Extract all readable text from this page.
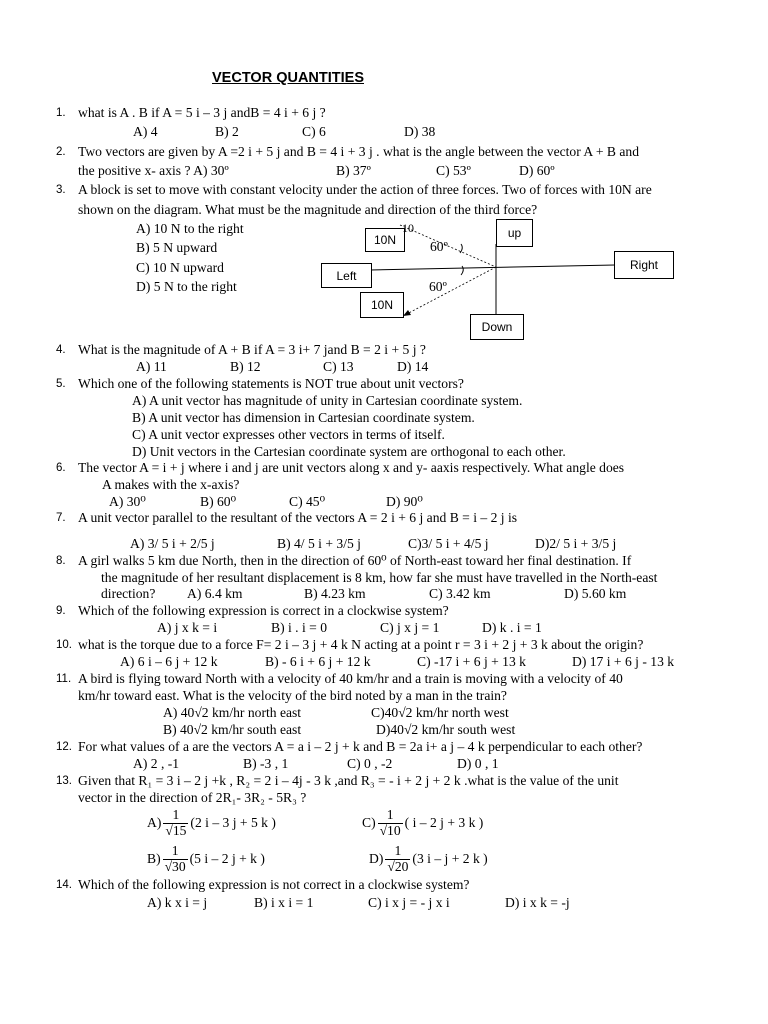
VECTOR QUANTITIES
1. what is A . B if A = 5 i – 3 j andB = 4 i + 6 j ?
A) 4	B) 2	C) 6	D) 38
2. Two vectors are given by A =2 i + 5 j and B = 4 i + 3 j . what is the angle between the vector A + B and
the positive x- axis ? A) 30º	B) 37º	C) 53º	D) 60º
3. A block is set to move with constant velocity under the action of three forces. Two of forces with 10N are
shown on the diagram. What must be the magnitude and direction of the third force?
A) 10 N to the right
B) 5 N upward
C) 10 N upward
D) 5 N to the right
10N
10
60º
up
Right
Left
60º
10N
Down
4. What is the magnitude of A + B if A = 3 i+ 7 jand B = 2 i + 5 j ?
A) 11	B) 12	C) 13	D) 14
5. Which one of the following statements is NOT true about unit vectors?
A) A unit vector has magnitude of unity in Cartesian coordinate system.
B) A unit vector has dimension in Cartesian coordinate system.
C) A unit vector expresses other vectors in terms of itself.
D) Unit vectors in the Cartesian coordinate system are orthogonal to each other.
6. The vector A = i + j where i and j are unit vectors along x and y- aaxis respectively. What angle does
A makes with the x-axis?
A) 30⁰	B) 60⁰	C) 45⁰	D) 90⁰
7. A unit vector parallel to the resultant of the vectors A = 2 i + 6 j and B = i – 2 j is
A) 3/ 5 i + 2/5 j	B) 4/ 5 i + 3/5 j	C)3/ 5 i + 4/5 j	D)2/ 5 i + 3/5 j
8. A girl walks 5 km due North, then in the direction of 60⁰ of North-east toward her final destination. If
the magnitude of her resultant displacement is 8 km, how far she must have travelled in the North-east
direction? A) 6.4 km	B) 4.23 km	C) 3.42 km	D) 5.60 km
9. Which of the following expression is correct in a clockwise system?
A) j x k = i	B) i . i = 0	C) j x j = 1	D) k . i = 1
10. what is the torque due to a force F= 2 i – 3 j + 4 k N acting at a point r = 3 i + 2 j + 3 k about the origin?
A) 6 i – 6 j + 12 k	B) - 6 i + 6 j + 12 k	C) -17 i + 6 j + 13 k	D) 17 i + 6 j - 13 k
11. A bird is flying toward North with a velocity of 40 km/hr and a train is moving with a velocity of 40
km/hr toward east. What is the velocity of the bird noted by a man in the train?
A) 40√2 km/hr north east	C)40√2 km/hr north west
B) 40√2 km/hr south east	D)40√2 km/hr south west
12. For what values of a are the vectors A = a i – 2 j + k and B = 2a i+ a j – 4 k perpendicular to each other?
A) 2 , -1	B) -3 , 1	C) 0 , -2	D) 0 , 1
13. Given that R₁ = 3 i – 2 j +k , R₂ = 2 i – 4j - 3 k ,and R₃ = - i + 2 j + 2 k .what is the value of the unit
vector in the direction of 2R₁- 3R₂ - 5R₃ ?
$A) \frac{1}{√15} (2$ i – 3 j + 5 k )	$C) \frac{1}{√10}$ ( i – 2 j + 3 k )
$B) \frac{1}{√30} (5$ i – 2 j + k )	$D) \frac{1}{√20} (3$ i – j + 2 k )
14. Which of the following expression is not correct in a clockwise system?
A) k x i = j	B) i x i = 1	C) i x j = - j x i	D) i x k = -j
